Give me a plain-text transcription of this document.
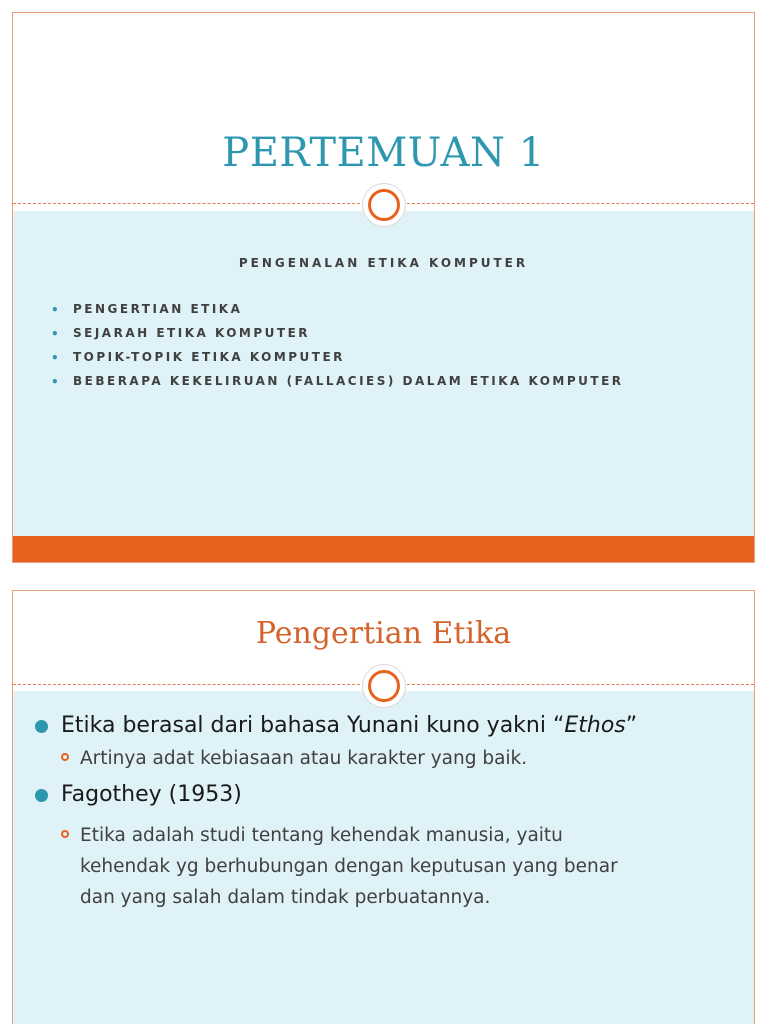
PERTEMUAN 1
PENGENALAN ETIKA KOMPUTER
• PENGERTIAN ETIKA
• SEJARAH ETIKA KOMPUTER
• TOPIK-TOPIK ETIKA KOMPUTER
• BEBERAPA KEKELIRUAN (FALLACIES) DALAM ETIKA KOMPUTER
Pengertian Etika
Etika berasal dari bahasa Yunani kuno yakni “Ethos”
Artinya adat kebiasaan atau karakter yang baik.
Fagothey (1953)
Etika adalah studi tentang kehendak manusia, yaitu
kehendak yg berhubungan dengan keputusan yang benar
dan yang salah dalam tindak perbuatannya.
